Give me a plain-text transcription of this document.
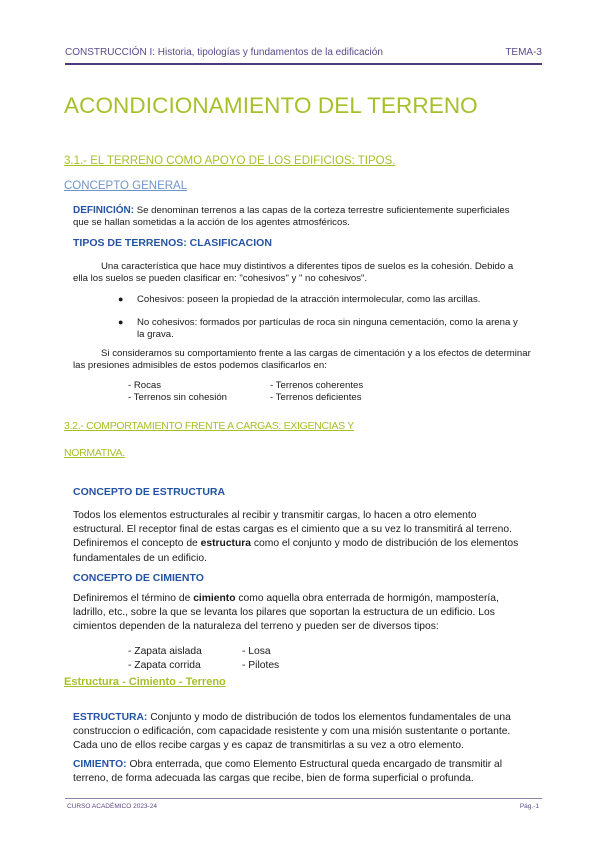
CONSTRUCCIÓN I: Historia, tipologías y fundamentos de la edificación	TEMA-3
ACONDICIONAMIENTO DEL TERRENO
3.1.- EL TERRENO COMO APOYO DE LOS EDIFICIOS: TIPOS.
CONCEPTO GENERAL
DEFINICIÓN: Se denominan terrenos a las capas de la corteza terrestre suficientemente superficiales
que se hallan sometidas a la acción de los agentes atmosféricos.
TIPOS DE TERRENOS: CLASIFICACION
Una característica que hace muy distintivos a diferentes tipos de suelos es la cohesión. Debido a
ella los suelos se pueden clasificar en: "cohesivos" y " no cohesivos".
● Cohesivos: poseen la propiedad de la atracción intermolecular, como las arcillas.
● No cohesivos: formados por partículas de roca sin ninguna cementación, como la arena y
la grava.
Si consideramos su comportamiento frente a las cargas de cimentación y a los efectos de determinar
las presiones admisibles de estos podemos clasificarlos en:
- Rocas
- Terrenos sin cohesión
- Terrenos coherentes
- Terrenos deficientes
3.2.- COMPORTAMIENTO FRENTE A CARGAS: EXIGENCIAS Y
NORMATIVA.
CONCEPTO DE ESTRUCTURA
Todos los elementos estructurales al recibir y transmitir cargas, lo hacen a otro elemento
estructural. El receptor final de estas cargas es el cimiento que a su vez lo transmitirá al terreno.
Definiremos el concepto de estructura como el conjunto y modo de distribución de los elementos
fundamentales de un edificio.
CONCEPTO DE CIMIENTO
Definiremos el término de cimiento como aquella obra enterrada de hormigón, mampostería,
ladrillo, etc., sobre la que se levanta los pilares que soportan la estructura de un edificio. Los
cimientos dependen de la naturaleza del terreno y pueden ser de diversos tipos:
- Zapata aislada
- Zapata corrida
- Losa
- Pilotes
Estructura - Cimiento - Terreno
ESTRUCTURA: Conjunto y modo de distribución de todos los elementos fundamentales de una
construccion o edificación, com capacidade resistente y com una misión sustentante o portante.
Cada uno de ellos recibe cargas y es capaz de transmitirlas a su vez a otro elemento.
CIMIENTO: Obra enterrada, que como Elemento Estructural queda encargado de transmitir al
terreno, de forma adecuada las cargas que recibe, bien de forma superficial o profunda.
CURSO ACADÉMICO 2023-24	Pág.-1
